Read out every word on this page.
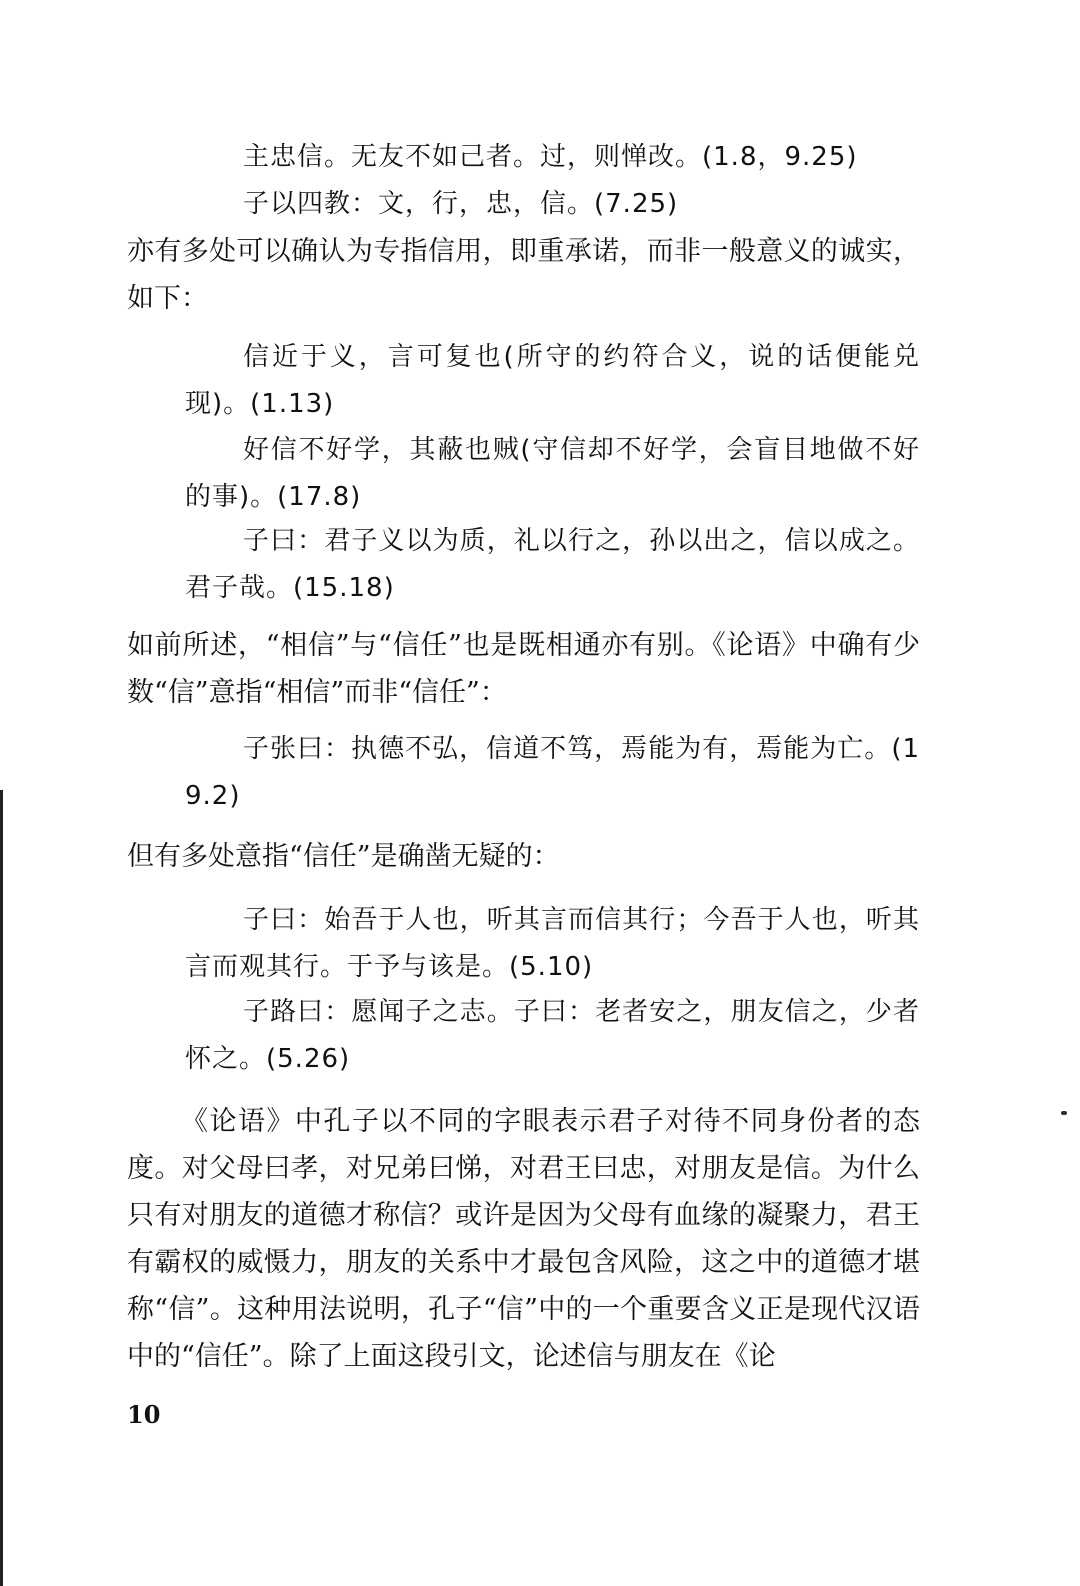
主忠信。无友不如己者。过，则惮改。(1.8，9.25)

子以四教：文，行，忠，信。(7.25)

亦有多处可以确认为专指信用，即重承诺，而非一般意义的诚实，如下：

信近于义，言可复也(所守的约符合义，说的话便能兑现)。(1.13)

好信不好学，其蔽也贼(守信却不好学，会盲目地做不好的事)。(17.8)

子曰：君子义以为质，礼以行之，孙以出之，信以成之。君子哉。(15.18)

如前所述，“相信”与“信任”也是既相通亦有别。《论语》中确有少数“信”意指“相信”而非“信任”：

子张曰：执德不弘，信道不笃，焉能为有，焉能为亡。(19.2)

但有多处意指“信任”是确凿无疑的：

子曰：始吾于人也，听其言而信其行；今吾于人也，听其言而观其行。于予与该是。(5.10)

子路曰：愿闻子之志。子曰：老者安之，朋友信之，少者怀之。(5.26)

《论语》中孔子以不同的字眼表示君子对待不同身份者的态度。对父母曰孝，对兄弟曰悌，对君王曰忠，对朋友是信。为什么只有对朋友的道德才称信？或许是因为父母有血缘的凝聚力，君王有霸权的威慑力，朋友的关系中才最包含风险，这之中的道德才堪称“信”。这种用法说明，孔子“信”中的一个重要含义正是现代汉语中的“信任”。除了上面这段引文，论述信与朋友在《论

10
